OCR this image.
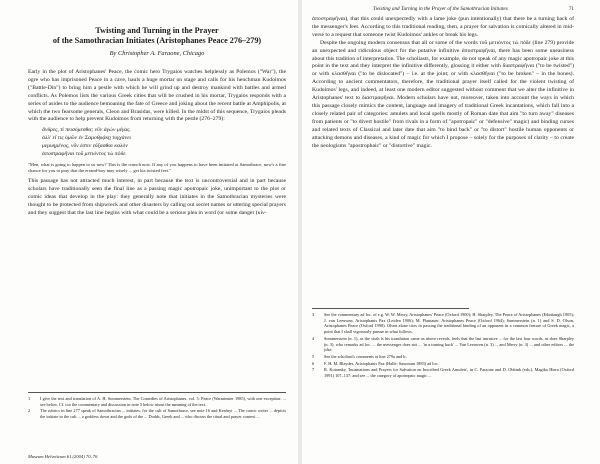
Twisting and Turning in the Prayer
of the Samothracian Initiates (Aristophanes Peace 276–279)
By Christopher A. Faraone, Chicago

Early in the plot of Aristophanes' Peace, the comic hero Trygaios watches helplessly as Polemos ("War"), the ogre who has imprisoned Peace in a cave, hauls a huge mortar on stage and calls for his henchman Kudoimos ("Battle-Din") to bring him a pestle with which he will grind up and destroy mankind with battles and armed conflicts. As Polemos lists the various Greek cities that will be crushed in his mortar, Trygaios responds with a series of asides to the audience bemoaning the fate of Greece and joking about the recent battle at Amphipolis, at which the two fearsome generals, Cleon and Brasidas, were killed. In the midst of this sequence, Trygaios pleads with the audience to help prevent Kudoimos from returning with the pestle (276–279):

ἄνδρες, τί πεισόμεσθα; νῦν ἀγὼν μέγας.
ἀλλ' εἴ τις ὑμῶν ἐν Σαμοθρᾴκῃ τυγχάνει
μεμυημένος, νῦν ἐστιν εὔξασθαι καλὸν
ἀποστραφῆναι τοῦ μετιόντος τὼ πόδε.
"Men, what is going to happen to us now? This is the crunch now. If any of you happens to have been initiated at Samothrace, now's a fine chance for you to pray that the errand-boy may wisely ... get his twisted feet."

This passage has not attracted much interest, in part because the text is uncontroversial and in part because scholars have traditionally seen the final line as a passing magic apotropaic joke, unimportant to the plot or comic ideas that develop in the play: they generally note that initiates in the Samothracian mysteries were thought to be protected from shipwreck and other disasters by calling out secret names or uttering special prayers and they suggest that the last line begins with what could be a serious plea in word (or some danger (κίν-

1	I give the text and translation of A. H. Sommerstein, The Comedies of Aristophanes, vol. 5: Peace (Warminster 1985), with one exception: ... see below. Cf. too the commentary and discussion in note 5 below about the meaning of the text.
2	The rubrics in line 277 speak of Samothracian ... initiates, for the cult of Samothrace, see note 16 and Kerényi ... The comic writer ... depicts the initiate in the cult ... a goddess down and the gods of the ... Dodds, Greek and ... who discuss the ritual and prayer context ...
Museum Helveticum 61 (2004) 70–76
Twisting and Turning in the Prayer of the Samothracian Initiates	71

ἀποστραφῆναι), that this could unexpectedly with a lame joke (pun intentionally) that there be a turning back of the messenger's feet. According to this traditional reading, then, a prayer for salvation is comically altered in mid-verse to a request that someone twist Kudoimos' ankles or break his legs.

Despite the ongoing modern consensus that all or some of the words τοῦ μετιόντος τὼ πόδε (line 279) provide an unexpected and ridiculous object for the putative infinitive ἀποστραφῆναι, there has been some uneasiness about this tradition of interpretation. The scholiasts, for example, do not speak of any magic apotropaic joke at this point in the text and they interpret the infinitive differently, glossing it either with διαστραφῆναι ("to be twisted") or with κλασθῆναι ("to be dislocated") – i.e. at the joint; or with κλασθῆναι ("to be broken" – in the bones). According to ancient commentators, therefore, the traditional prayer itself called for the violent twisting of Kudoimos' legs, and indeed, at least one modern editor suggested without comment that we alter the infinitive in Aristophanes' text to διαστραφῆναι. Modern scholars have not, moreover, taken into account the ways in which this passage closely mimics the content, language and imagery of traditional Greek incantations, which fall into a closely related pair of categories: amulets and local spells mostly of Roman date that aim "to turn away" diseases from patients or "to divert hostile" from rivals in a form of "apotropaic" or "defensive" magic) and binding curses and related texts of Classical and later date that aim "to bind back" or "to distort" hostile human opponents or attacking demons and diseases, a kind of magic for which I propose – solely for the purposes of clarity – to create the neologisms "apostrophaic" or "distortive" magic.

3	See the commentary ad loc. of e.g. W. W. Merry, Aristophanes' Peace (Oxford 1900); H. Sharpley, The Peace of Aristophanes (Edinburgh 1905); J. van Leeuwen, Aristophanis Pax (Leiden 1906); M. Platnauer, Aristophanes Peace (Oxford 1964); Sommerstein (n. 1) and S. D. Olson, Aristophanes Peace (Oxford 1998). Olson alone cites in passing the traditional binding of an opponent in a common feature of Greek magic, a point that I shall vigorously pursue in what follows.
4	Sommerstein (n. 1), as the sixth is his translation came as above reveals, feels that the last intrusive ... for the last four words, as does Sharpley (n. 3), who remarks ad loc. ... the messenger does not ... 'in a turning back' ... Van Leeuwen (n. 3) ... and Merry (n. 3) ... and other editors ... the joke.
5	See the scholiast's comments at line 279a and b.
6	F. H. M. Blaydes, Aristophanis Pax (Halle: Saxonum 1883) ad loc.
7	R. Kotansky, 'Incantations and Prayers for Salvation on Inscribed Greek Amulets', in C. Faraone and D. Obbink (eds.), Magika Hiera (Oxford 1991) 107–137; and see ... the category of apotropaic magic ...
